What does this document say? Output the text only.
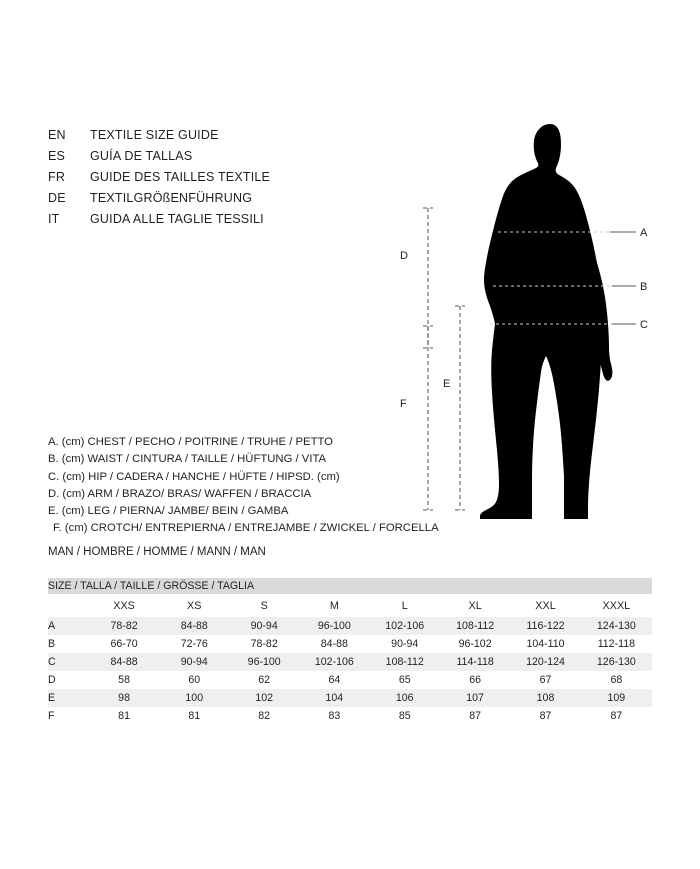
EN	TEXTILE SIZE GUIDE
ES	GUÍA DE TALLAS
FR	GUIDE DES TAILLES TEXTILE
DE	TEXTILGRÖßENFÜHRUNG
IT	GUIDA ALLE TAGLIE TESSILI
A
B
C
D
E
F
A. (cm) CHEST / PECHO / POITRINE / TRUHE / PETTO
B. (cm) WAIST / CINTURA / TAILLE / HÜFTUNG / VITA
C. (cm) HIP / CADERA / HANCHE / HÜFTE / HIPSD. (cm)
D. (cm) ARM / BRAZO/ BRAS/ WAFFEN / BRACCIA
E. (cm) LEG / PIERNA/ JAMBE/ BEIN / GAMBA
F. (cm) CROTCH/ ENTREPIERNA / ENTREJAMBE / ZWICKEL / FORCELLA
MAN / HOMBRE / HOMME / MANN / MAN
SIZE / TALLA / TAILLE / GRÖSSE / TAGLIA								
	XXS	XS	S	M	L	XL	XXL	XXXL
A	78-82	84-88	90-94	96-100	102-106	108-112	116-122	124-130
B	66-70	72-76	78-82	84-88	90-94	96-102	104-110	112-118
C	84-88	90-94	96-100	102-106	108-112	114-118	120-124	126-130
D	58	60	62	64	65	66	67	68
E	98	100	102	104	106	107	108	109
F	81	81	82	83	85	87	87	87
